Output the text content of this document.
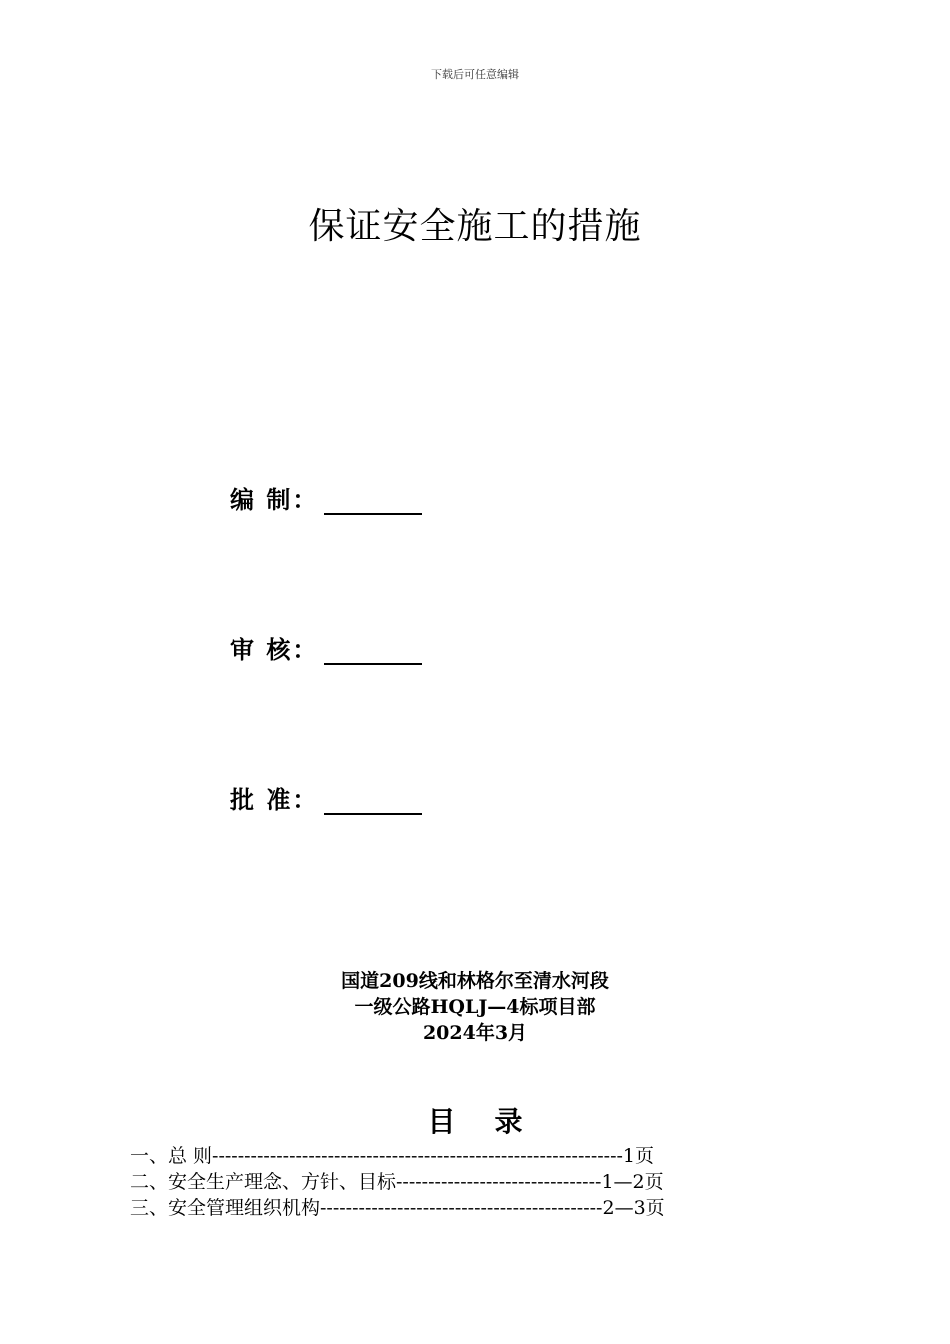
下载后可任意编辑
保证安全施工的措施
编 制：
审 核：
批 准：
国道209线和林格尔至清水河段
一级公路HQLJ—4标项目部
2024年3月
目    录
一、总 则----------------------------------------------------------------1页
二、安全生产理念、方针、目标--------------------------------1—2页
三、安全管理组织机构--------------------------------------------2—3页
